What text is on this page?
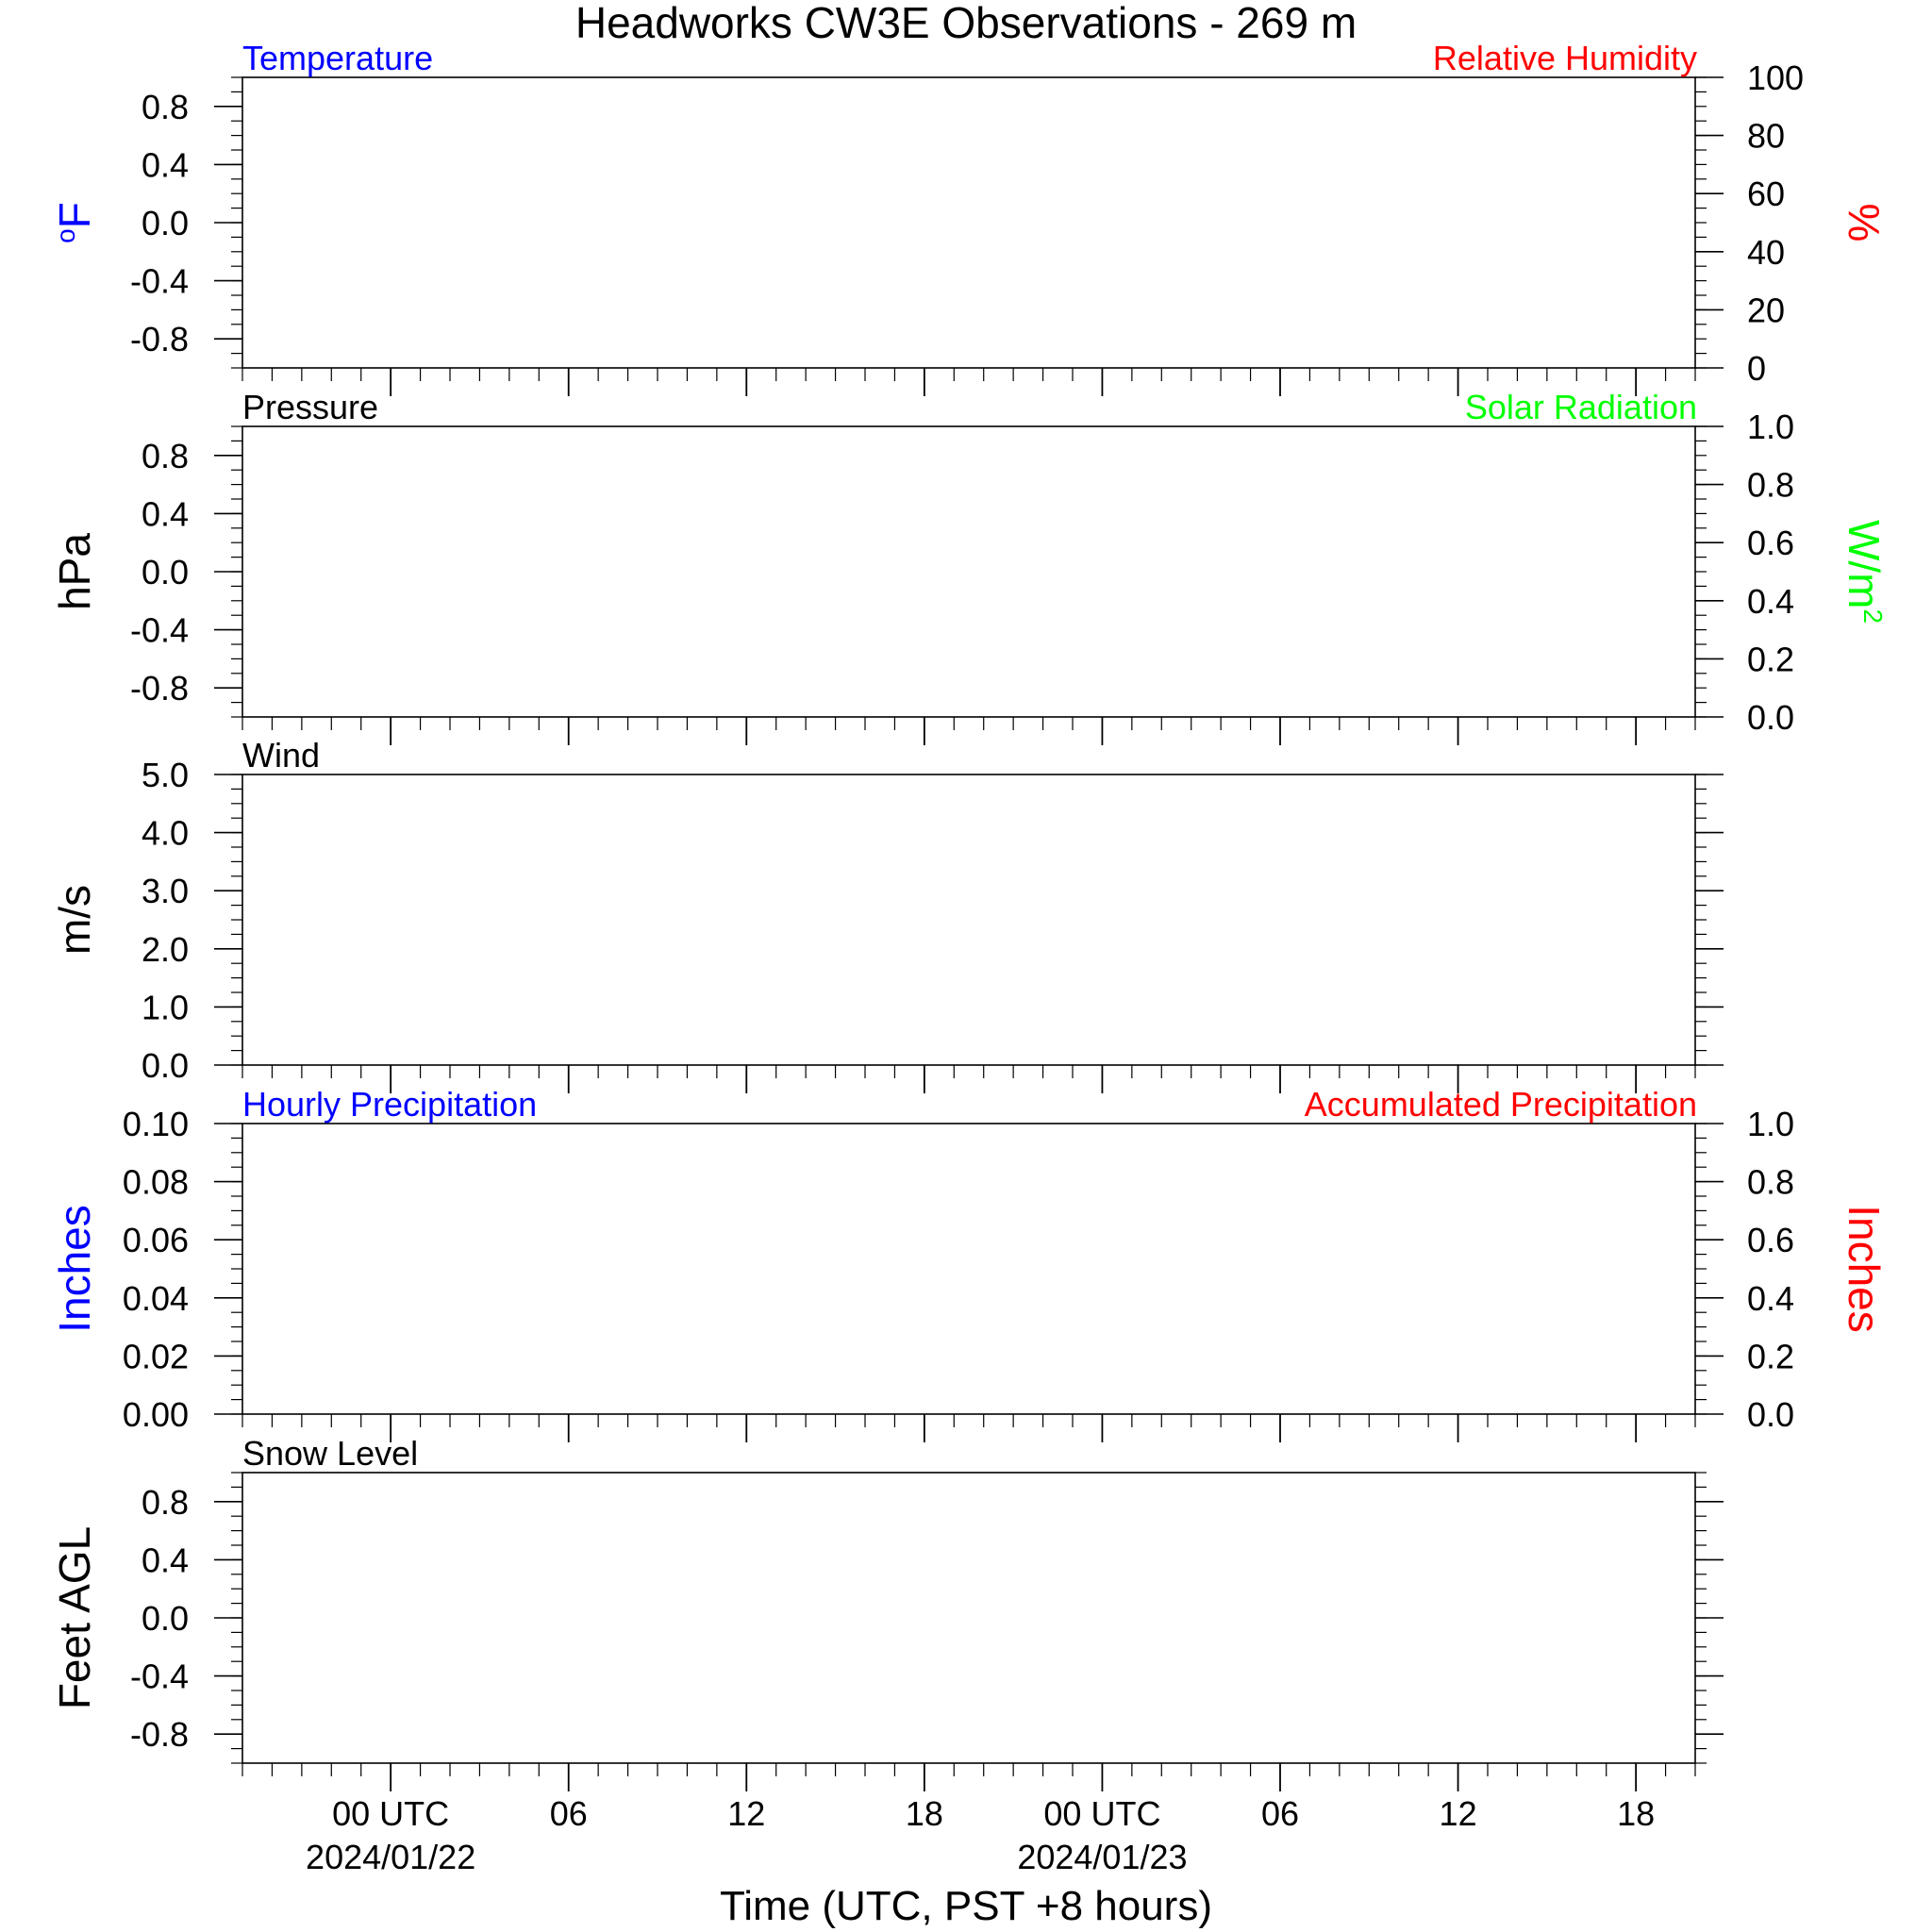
Headworks CW3E Observations - 269 m
0.8
0.4
0.0
-0.4
-0.8
100
80
60
40
20
0
Temperature	Relative Humidity
$^o$F	%
0.8
0.4
0.0
-0.4
-0.8
1.0
0.8
0.6
0.4
0.2
0.0
Pressure	Solar Radiation
hPa	$W/m^2$
5.0
4.0
3.0
2.0
1.0
0.0
Wind
m/s
0.10
0.08
0.06
0.04
0.02
0.00
1.0
0.8
0.6
0.4
0.2
0.0
Hourly Precipitation	Accumulated Precipitation
Inches	Inches
0.8
0.4
0.0
-0.4
-0.8
Snow Level
Feet AGL
00 UTC
2024/01/22
06	12	18	00 UTC
2024/01/23
06	12	18
Time (UTC, PST +8 hours)
